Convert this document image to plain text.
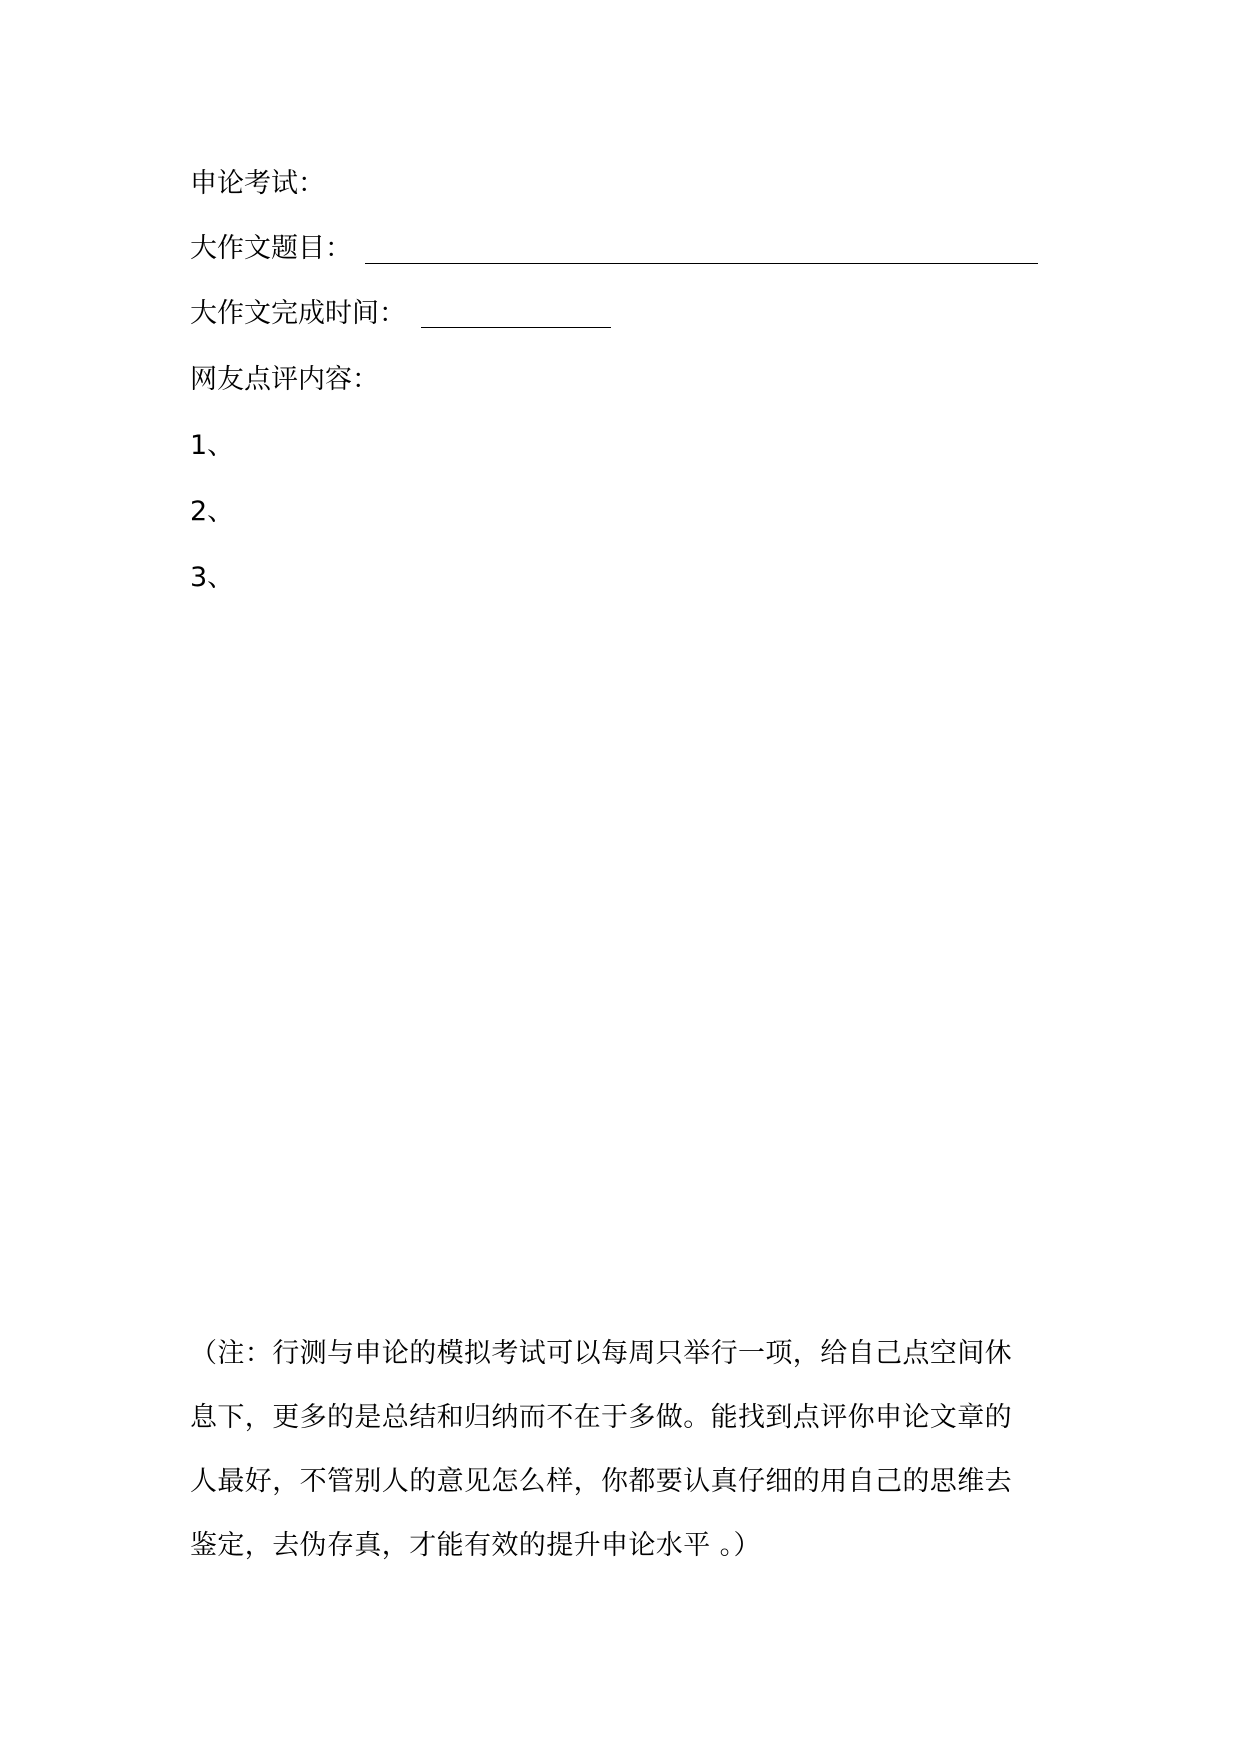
申论考试：
大作文题目：
大作文完成时间：
网友点评内容：
1、
2、
3、

（注：行测与申论的模拟考试可以每周只举行一项，给自己点空间休

息下，更多的是总结和归纳而不在于多做。能找到点评你申论文章的

人最好，不管别人的意见怎么样，你都要认真仔细的用自己的思维去

鉴定，去伪存真，才能有效的提升申论水平 。）
